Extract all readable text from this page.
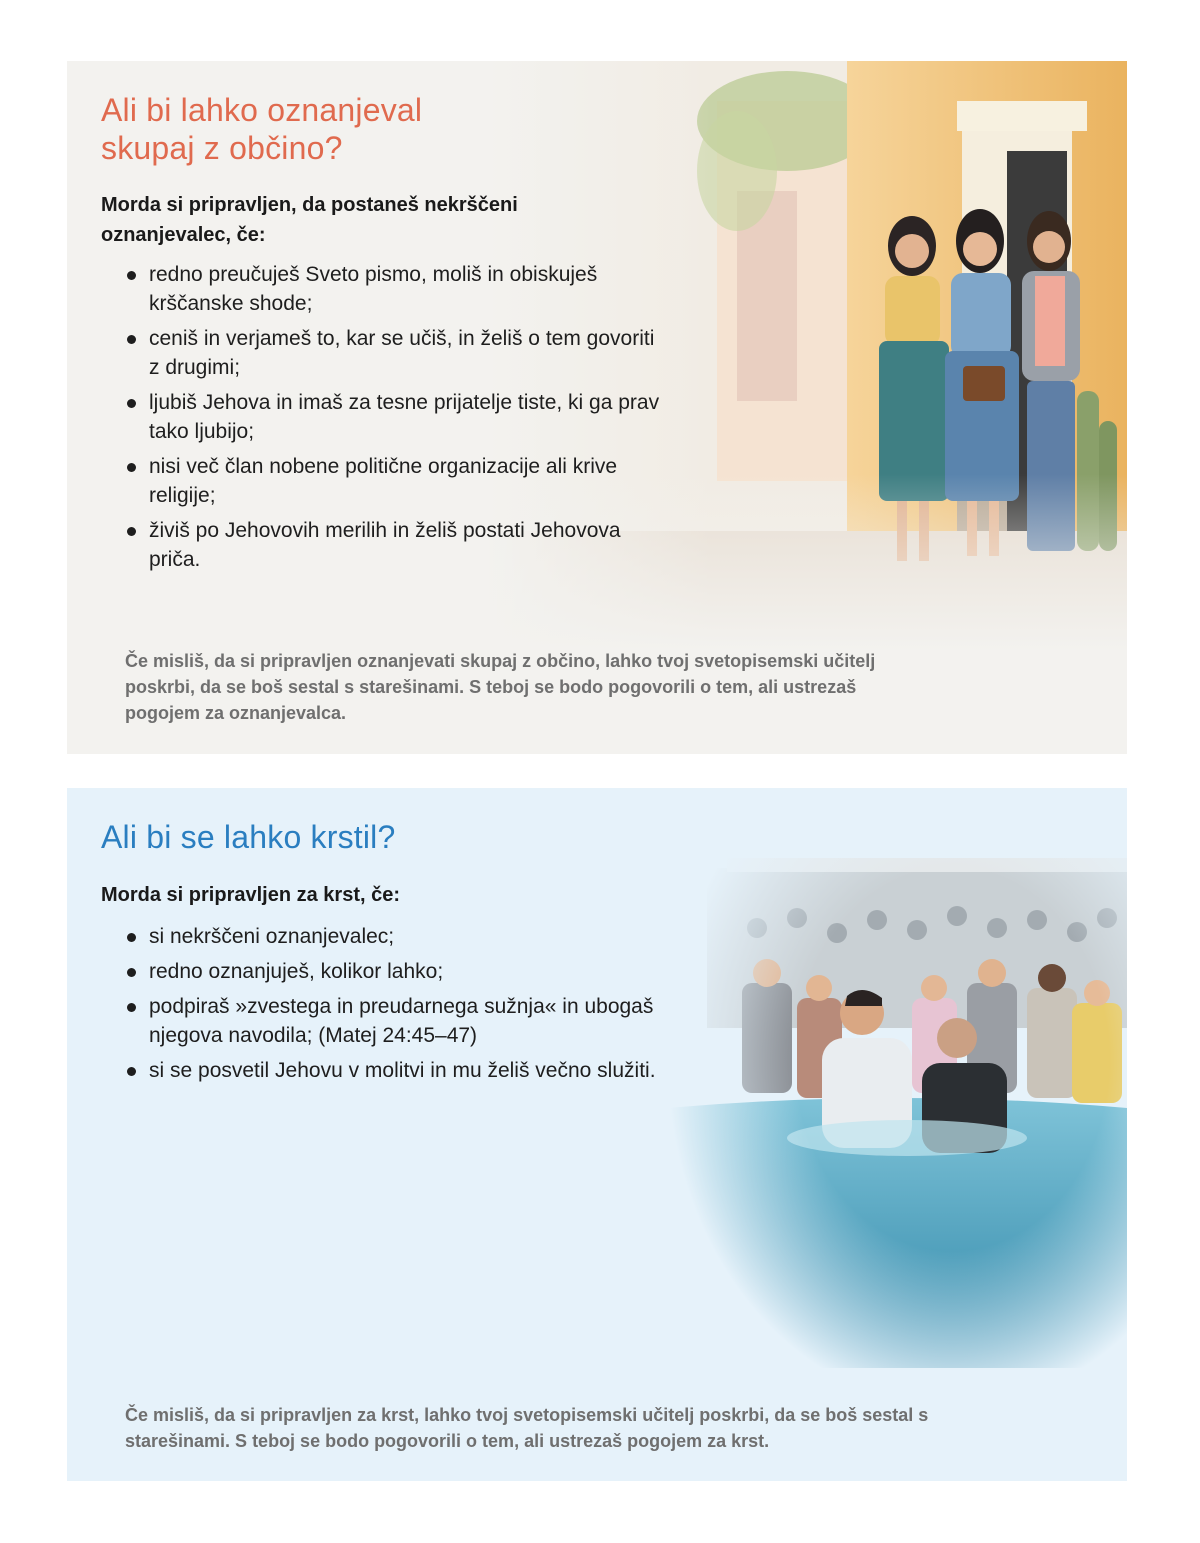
Ali bi lahko oznanjeval skupaj z občino?

Morda si pripravljen, da postaneš nekrščeni oznanjevalec, če:

redno preučuješ Sveto pismo, moliš in obiskuješ krščanske shode;
ceniš in verjameš to, kar se učiš, in želiš o tem govoriti z drugimi;
ljubiš Jehova in imaš za tesne prijatelje tiste, ki ga prav tako ljubijo;
nisi več član nobene politične organizacije ali krive religije;
živiš po Jehovovih merilih in želiš postati Jehovova priča.

Če misliš, da si pripravljen oznanjevati skupaj z občino, lahko tvoj svetopisemski učitelj poskrbi, da se boš sestal s starešinami. S teboj se bodo pogovorili o tem, ali ustrezaš pogojem za oznanjevalca.

Ali bi se lahko krstil?

Morda si pripravljen za krst, če:

si nekrščeni oznanjevalec;
redno oznanjuješ, kolikor lahko;
podpiraš »zvestega in preudarnega sužnja« in ubogaš njegova navodila; (Matej 24:45–47)
si se posvetil Jehovu v molitvi in mu želiš večno služiti.

Če misliš, da si pripravljen za krst, lahko tvoj svetopisemski učitelj poskrbi, da se boš sestal s starešinami. S teboj se bodo pogovorili o tem, ali ustrezaš pogojem za krst.
